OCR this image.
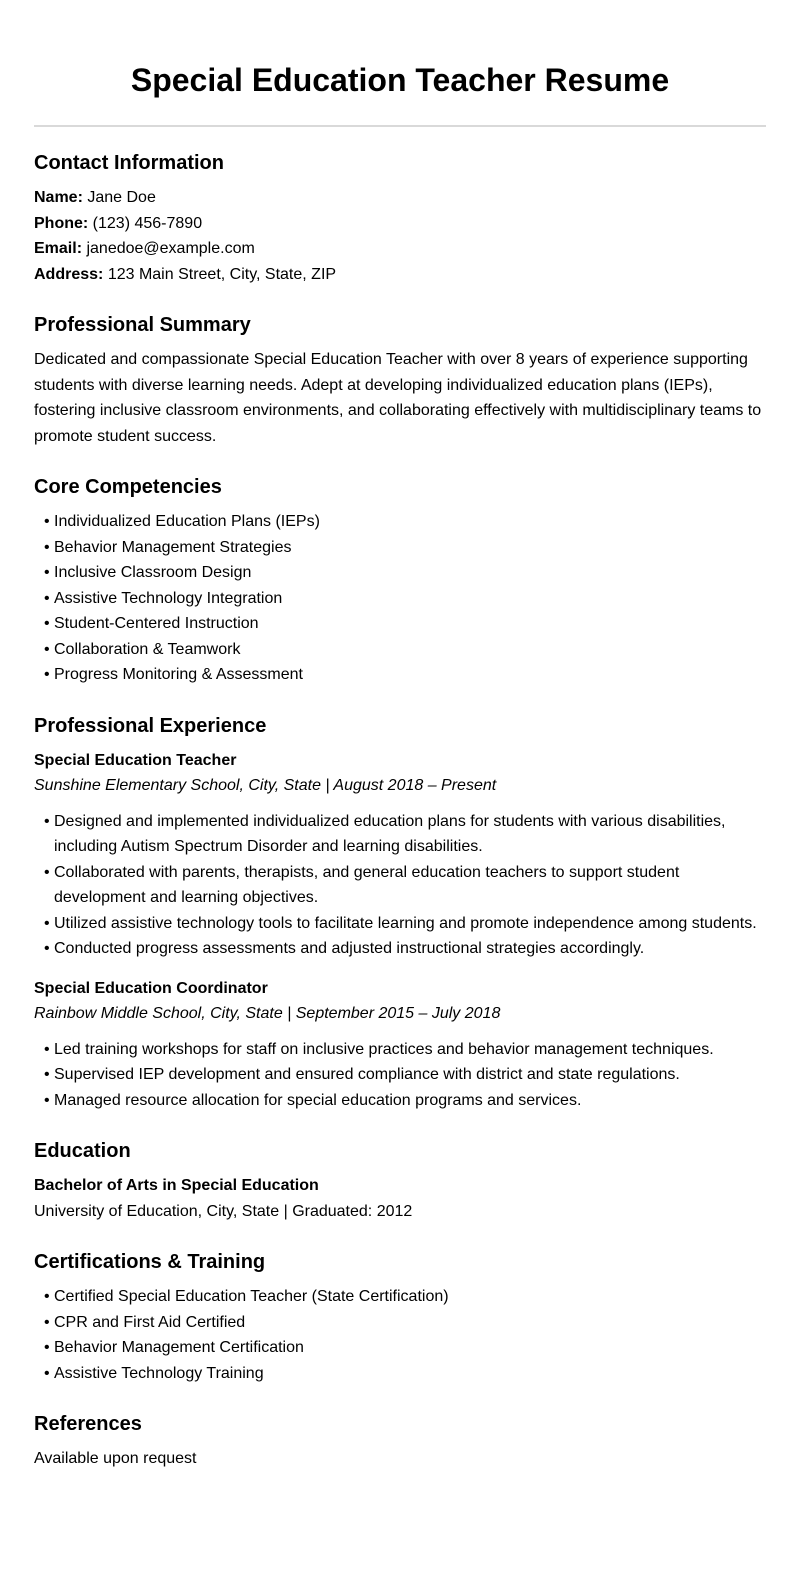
Special Education Teacher Resume
Contact Information
Name: Jane Doe
Phone: (123) 456-7890
Email: janedoe@example.com
Address: 123 Main Street, City, State, ZIP
Professional Summary

Dedicated and compassionate Special Education Teacher with over 8 years of experience supporting students with diverse learning needs. Adept at developing individualized education plans (IEPs), fostering inclusive classroom environments, and collaborating effectively with multidisciplinary teams to promote student success.

Core Competencies
• Individualized Education Plans (IEPs)
• Behavior Management Strategies
• Inclusive Classroom Design
• Assistive Technology Integration
• Student-Centered Instruction
• Collaboration & Teamwork
• Progress Monitoring & Assessment
Professional Experience
Special Education Teacher
Sunshine Elementary School, City, State | August 2018 – Present
• Designed and implemented individualized education plans for students with various disabilities, including Autism Spectrum Disorder and learning disabilities.
• Collaborated with parents, therapists, and general education teachers to support student development and learning objectives.
• Utilized assistive technology tools to facilitate learning and promote independence among students.
• Conducted progress assessments and adjusted instructional strategies accordingly.
Special Education Coordinator
Rainbow Middle School, City, State | September 2015 – July 2018
• Led training workshops for staff on inclusive practices and behavior management techniques.
• Supervised IEP development and ensured compliance with district and state regulations.
• Managed resource allocation for special education programs and services.
Education
Bachelor of Arts in Special Education
University of Education, City, State | Graduated: 2012
Certifications & Training
• Certified Special Education Teacher (State Certification)
• CPR and First Aid Certified
• Behavior Management Certification
• Assistive Technology Training
References

Available upon request
